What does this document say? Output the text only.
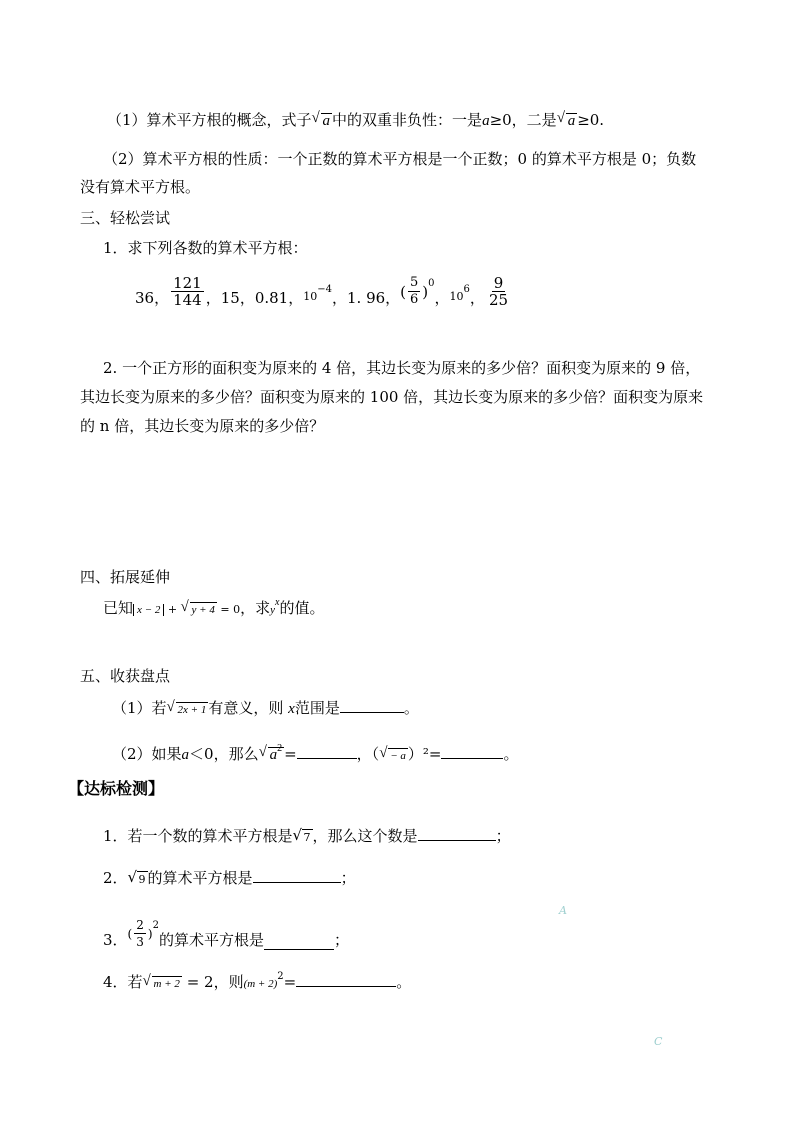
（1）算术平方根的概念，式子 √ a 中的双重非负性：一是a≥0，二是 √ a ≥0.
（2）算术平方根的性质：一个正数的算术平方根是一个正数；0 的算术平方根是 0；负数
没有算术平方根。
三、轻松尝试
1．求下列各数的算术平方根：
36， $\frac{121}{144}$ ，15，0.81， 10−4 ，1. 96， ( $\frac{5}{6}$ ) 0
， 106 ， $\frac{9}{25}$
2. 一个正方形的面积变为原来的 4 倍，其边长变为原来的多少倍？面积变为原来的 9 倍，
其边长变为原来的多少倍？面积变为原来的 100 倍，其边长变为原来的多少倍？面积变为原来
的 n 倍，其边长变为原来的多少倍？
四、拓展延伸
已知 x − 2 + √ y + 4 = 0，求$y^x$的值。
五、收获盘点
（1）若 √ 2x + 1 有意义，则 x范围是	。
（2）如果a＜0，那么 √ $a^2$ =	，（ √ − a ）²=	。
【达标检测】
1．若一个数的算术平方根是 √ 7 ，那么这个数是	；
2． √ 9 的算术平方根是	；
3． ( $\frac{2}{3}$ )
2
的算术平方根是	；
4．若 √ m + 2 = 2，则$(m + 2)^2=$	。
A
C
